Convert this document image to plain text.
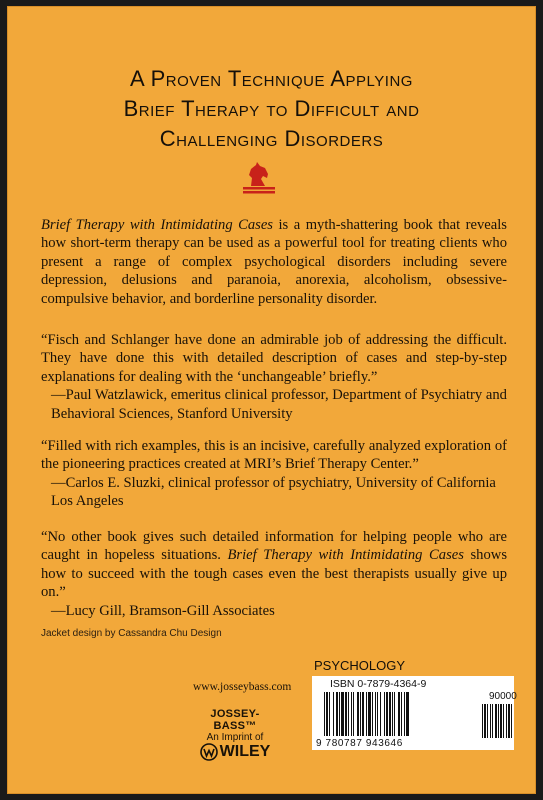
A Proven Technique Applying
Brief Therapy to Difficult and
Challenging Disorders
Brief Therapy with Intimidating Cases is a myth-shattering book that reveals how short-term therapy can be used as a powerful tool for treating clients who present a range of complex psychological disorders including severe depression, delusions and paranoia, anorexia, alcoholism, obsessive-compulsive behavior, and borderline personality disorder.
“Fisch and Schlanger have done an admirable job of addressing the difficult. They have done this with detailed description of cases and step-by-step explanations for dealing with the ‘unchangeable’ briefly.”
—Paul Watzlawick, emeritus clinical professor, Department of Psychiatry and Behavioral Sciences, Stanford University
“Filled with rich examples, this is an incisive, carefully analyzed exploration of the pioneering practices created at MRI’s Brief Therapy Center.”
—Carlos E. Sluzki, clinical professor of psychiatry, University of California Los Angeles
“No other book gives such detailed information for helping people who are caught in hopeless situations. Brief Therapy with Intimidating Cases shows how to succeed with the tough cases even the best therapists usually give up on.”
—Lucy Gill, Bramson-Gill Associates
Jacket design by Cassandra Chu Design
www.josseybass.com
JOSSEY-BASS™
An Imprint of
WILEY
PSYCHOLOGY
ISBN 0-7879-4364-9
90000
9 780787 943646
